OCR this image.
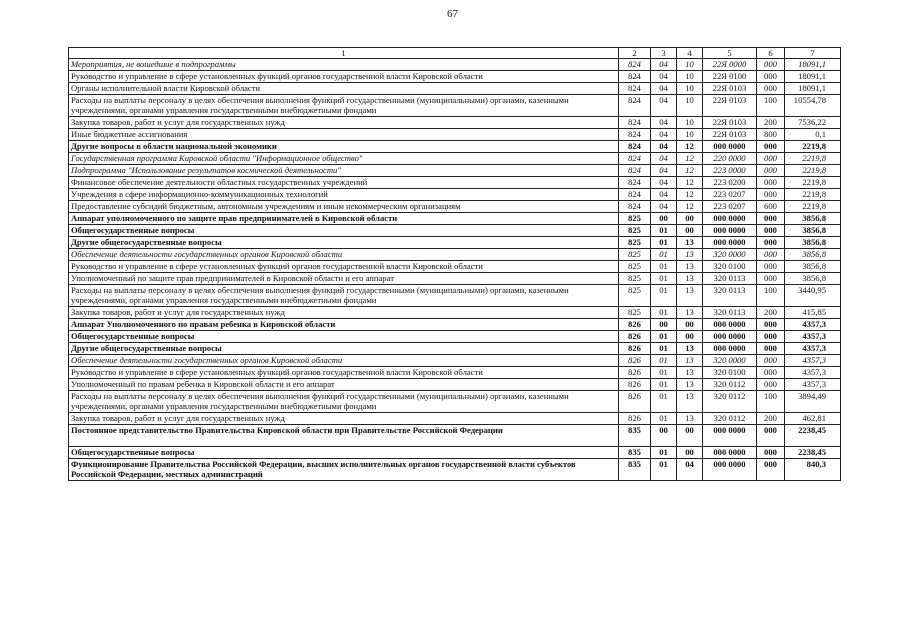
67
1	2	3	4	5	6	7
Мероприятия, не вошедшие в подпрограммы	824	04	10	22Я 0000	000	18091,1
Руководство и управление в сфере установленных функций органов государственной власти Кировской области	824	04	10	22Я 0100	000	18091,1
Органы исполнительной власти Кировской области	824	04	10	22Я 0103	000	18091,1
Расходы на выплаты персоналу в целях обеспечения выполнения функций государственными (муниципальными) органами, казенными учреждениями, органами управления государственными внебюджетными фондами	824	04	10	22Я 0103	100	10554,78
Закупка товаров, работ и услуг для государственных нужд	824	04	10	22Я 0103	200	7536,22
Иные бюджетные ассигнования	824	04	10	22Я 0103	800	0,1
Другие вопросы в области национальной экономики	824	04	12	000 0000	000	2219,8
Государственная программа Кировской области "Информационное общество"	824	04	12	220 0000	000	2219,8
Подпрограмма "Использование результатов космической деятельности"	824	04	12	223 0000	000	2219,8
Финансовое обеспечение деятельности областных государственных учреждений	824	04	12	223 0200	000	2219,8
Учреждения в сфере информационно-коммуникационных технологий	824	04	12	223 0207	000	2219,8
Предоставление субсидий бюджетным, автономным учреждениям и иным некоммерческим организациям	824	04	12	223 0207	600	2219,8
Аппарат уполномоченного по защите прав предпринимателей в Кировской области	825	00	00	000 0000	000	3856,8
Общегосударственные вопросы	825	01	00	000 0000	000	3856,8
Другие общегосударственные вопросы	825	01	13	000 0000	000	3856,8
Обеспечение деятельности государственных органов Кировской области	825	01	13	320 0000	000	3856,8
Руководство и управление в сфере установленных функций органов государственной власти Кировской области	825	01	13	320 0100	000	3856,8
Уполномоченный по защите прав предпринимателей в Кировской области и его аппарат	825	01	13	320 0113	000	3856,8
Расходы на выплаты персоналу в целях обеспечения выполнения функций государственными (муниципальными) органами, казенными учреждениями, органами управления государственными внебюджетными фондами	825	01	13	320 0113	100	3440,95
Закупка товаров, работ и услуг для государственных нужд	825	01	13	320 0113	200	415,85
Аппарат Уполномоченного по правам ребенка в Кировской области	826	00	00	000 0000	000	4357,3
Общегосударственные вопросы	826	01	00	000 0000	000	4357,3
Другие общегосударственные вопросы	826	01	13	000 0000	000	4357,3
Обеспечение деятельности государственных органов Кировской области	826	01	13	320 0000	000	4357,3
Руководство и управление в сфере установленных функций органов государственной власти Кировской области	826	01	13	320 0100	000	4357,3
Уполномоченный по правам ребенка в Кировской области и его аппарат	826	01	13	320 0112	000	4357,3
Расходы на выплаты персоналу в целях обеспечения выполнения функций государственными (муниципальными) органами, казенными учреждениями, органами управления государственными внебюджетными фондами	826	01	13	320 0112	100	3894,49
Закупка товаров, работ и услуг для государственных нужд	826	01	13	320 0112	200	462,81
Постоянное представительство Правительства Кировской области при Правительстве Российской Федерации	835	00	00	000 0000	000	2238,45
Общегосударственные вопросы	835	01	00	000 0000	000	2238,45
Функционирование Правительства Российской Федерации, высших исполнительных органов государственной власти субъектов Российской Федерации, местных администраций	835	01	04	000 0000	000	840,3
